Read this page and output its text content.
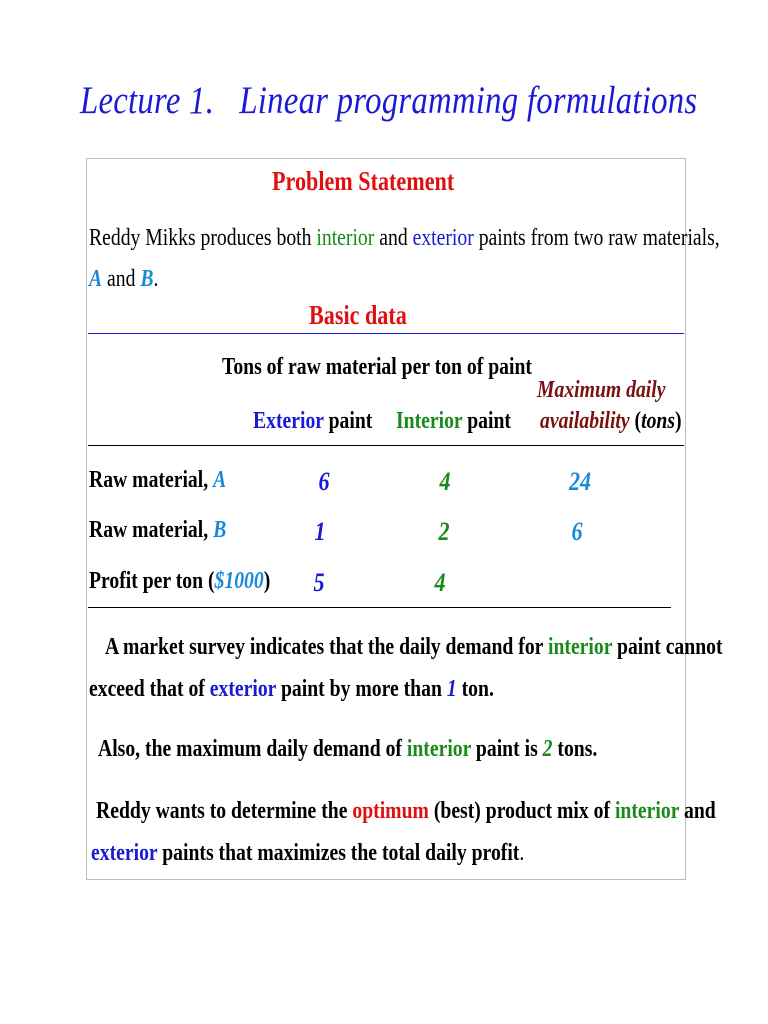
Lecture 1. Linear programming formulations
Problem Statement
Reddy Mikks produces both interior and exterior paints from two raw materials,
A and B.
Basic data
Tons of raw material per ton of paint
Exterior paint Interior paint
Maximum daily
availability (tons)
Raw material, A	6	4	24
Raw material, B	1	2	6
Profit per ton ($1000)	5	4
A market survey indicates that the daily demand for interior paint cannot
exceed that of exterior paint by more than 1 ton.
Also, the maximum daily demand of interior paint is 2 tons.
Reddy wants to determine the optimum (best) product mix of interior and
exterior paints that maximizes the total daily profit.
